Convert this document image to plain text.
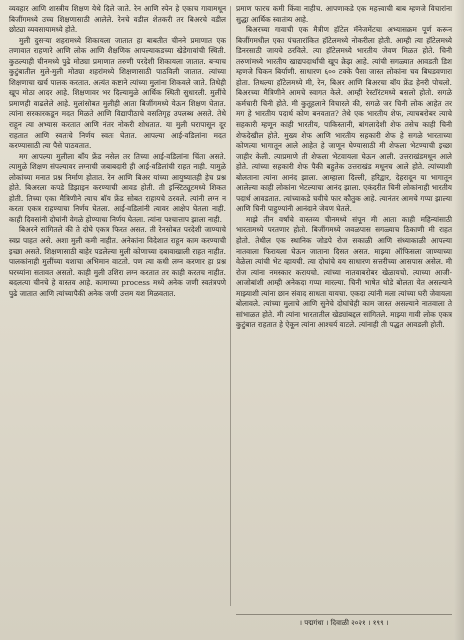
व्यवहार आणि शास्त्रीय शिक्षण येथे दिले जाते. रेन आणि स्पेन हे एकाच गावामधून बिजींगमध्ये उच्च शिक्षणासाठी आलेले. रेनचे वडील शेतकरी तर बिअरचे वडील छोट्या व्यवसायामध्ये होते.

मुली दुसऱ्या शहरामध्ये शिकायला जातात हा बाबतीत चीनने प्रमाणात एक तणावात राहणारे आणि लोक आणि शैक्षणिक आपल्याकडच्या खेडेगावांची स्थिती. कुठल्याही चीनमध्ये पुढे मोठ्या प्रमाणात तरुणी परदेशी शिकायला जातात. बऱ्याच कुटुंबातील मुले-मुली मोठ्या शहरांमध्ये शिक्षणासाठी पाठविली जातात. त्यांच्या शिक्षणाचा खर्च पालक करतात. अत्यंत कष्टाने त्यांच्या मुलांना शिकवले जाते. तिथेही खूप मोठा आदर आहे. शिक्षणावर भर दिल्यामुळे आर्थिक स्थिती सुधारली. मुलींचे प्रमाणही वाढलेले आहे. मुलांसोबत मुलीही आता बिजींगमध्ये येऊन शिक्षण घेतात. त्यांना सरकारकडून मदत मिळते आणि विद्यापीठाचे वसतिगृह उपलब्ध असते. तेथे राहून त्या अभ्यास करतात आणि नंतर नोकरी शोधतात. या मुली घरापासून दूर राहतात आणि स्वतःचे निर्णय स्वतः घेतात. आपल्या आई-वडिलांना मदत करण्यासाठी त्या पैसे पाठवतात.

मग आपल्या मुलीला बाँय फ्रेंड नसेल तर तिच्या आई-वडिलांना चिंता असते. त्यामुळे शिक्षण संपल्यावर लग्नाची जबाबदारी ही आई-वडिलांची राहत नाही. यामुळे लोकांच्या मनात प्रश्न निर्माण होतात. रेन आणि बिअर यांच्या आयुष्यातही हेच प्रश्न होते. बिअरला कपडे डिझाइन करण्याची आवड होती. ती इन्स्टिट्यूटमध्ये शिकत होती. तिच्या एका मैत्रिणीने त्याच बॉय फ्रेंड सोबत राहायचे ठरवले. त्यांनी लग्न न करता एकत्र राहण्याचा निर्णय घेतला. आई-वडिलांनी त्यावर आक्षेप घेतला नाही. काही दिवसांनी दोघांनी वेगळे होण्याचा निर्णय घेतला. त्यांना पश्चात्ताप झाला नाही.

बिअरने सांगितले की ते दोघे एकत्र फिरत असत. ती रेनसोबत परदेशी जाण्याचे स्वप्न पाहत असे. अशा मुली कमी नाहीत. अनेकांना विदेशात राहून काम करण्याची इच्छा असते. शिक्षणासाठी बाहेर पडलेल्या मुली कोणाच्या दबावाखाली राहत नाहीत. पालकांनाही मुलींच्या यशाचा अभिमान वाटतो. पण त्या कधी लग्न करणार हा प्रश्न घरच्यांना सतावत असतो. काही मुली उशिरा लग्न करतात तर काही करतच नाहीत. बदलत्या चीनचे हे वास्तव आहे. कामाच्या process मध्ये अनेक जणी स्वतंत्रपणे पुढे जातात आणि त्यांच्यापैकी अनेक जणी उत्तम यश मिळवतात.

प्रमाण फारच कमी किंवा नाहीच. आपणाकडे एक महत्त्वाची बाब म्हणजे विचारांना सुद्धा आर्थिक स्वातंत्र्य आहे.

बिअरच्या गावाची एक मैत्रीण हॉटेल मॅनेजमेंटचा अभ्यासक्रम पूर्ण करून बिजींगमधील एका पंचतारांकित हॉटेलमध्ये नोकरीला होती. आम्ही त्या हॉटेलमध्ये डिनरसाठी जायचे ठरविले. त्या हॉटेलमध्ये भारतीय जेवण मिळत होते. चिनी तरुणांमध्ये भारतीय खाद्यपदार्थांची खूप क्रेझ आहे. त्यांची सगळ्यात आवडती डिश म्हणजे चिकन बिर्याणी. साधारण ६०० टक्के पैसा जास्त लोकांना चव बिघडवणारा होता. तिथल्या हॉटेलमध्ये मी, रेन, बिअर आणि बिअरचा बॉय फ्रेंड हेनरी पोचलो. बिअरच्या मैत्रिणीने आमचे स्वागत केले. आम्ही रेस्टॉरंटमध्ये बसलो होतो. सगळे कर्मचारी चिनी होते. मी कुतूहलाने विचारले की, सगळे जर चिनी लोक आहेत तर मग हे भारतीय पदार्थ कोण बनवतात? तेथे एक भारतीय शेफ, त्याचबरोबर त्याचे सहकारी म्हणून काही भारतीय, पाकिस्तानी, बांगलादेशी शेफ तसेच काही चिनी शेफदेखील होते. मुख्य शेफ आणि भारतीय सहकारी शेफ हे सगळे भारताच्या कोणत्या भागातून आले आहेत हे जाणून घेण्यासाठी मी शेफला भेटण्याची इच्छा जाहीर केली. त्याप्रमाणे ती शेफला भेटवायला घेऊन आली. उत्तराखंडमधून आले होते. त्यांच्या सहकारी शेफ पैकी बहुतेक उत्तराखंड मधूनच आले होते. त्यांच्याशी बोलताना त्यांना आनंद झाला. आम्हाला दिल्ली, हरिद्वार, देहरादून या भागातून आलेल्या काही लोकांना भेटल्याचा आनंद झाला. एकंदरीत चिनी लोकांनाही भारतीय पदार्थ आवडतात. त्यांच्याकडे चवीचे फार कौतुक आहे. त्यानंतर आमचे गप्पा झाल्या आणि चिनी पाहुण्यांनी आनंदाने जेवण घेतले.

माझे तीन वर्षांचे वास्तव्य चीनमध्ये संपून मी आता काही महिन्यांसाठी भारतामध्ये परतणार होतो. बिजींगमध्ये जवळपास सगळ्याच ठिकाणी मी राहत होतो. तेथील एक स्थानिक जोडपे रोज सकाळी आणि संध्याकाळी आपल्या नातवाला फिरायला घेऊन जाताना दिसत असत. माझ्या ऑफिसला जाण्याच्या वेळेला त्यांची भेट व्हायची. त्या दोघांचे वय साधारण सत्तरीच्या आसपास असेल. मी रोज त्यांना नमस्कार करायचो. त्यांच्या नातवाबरोबर खेळायचो. त्याच्या आजी-आजोबांशी आम्ही अनेकदा गप्पा मारल्या. चिनी भाषेत थोडे बोलता येत असल्याने माझ्याशी त्यांना छान संवाद साधता यायचा. एकदा त्यांनी मला त्यांच्या घरी जेवायला बोलावले. त्यांच्या मुलाचे आणि सुनेचे दोघांचेही काम जास्त असल्याने नातवाला ते सांभाळत होते. मी त्यांना भारतातील खेड्यांबद्दल सांगितले. माझ्या गावी लोक एकत्र कुटुंबात राहतात हे ऐकून त्यांना आश्चर्य वाटले. त्यांनाही ती पद्धत आवडली होती.

। पद्मगंधा । दिवाळी २०२१ । १९९ ।
